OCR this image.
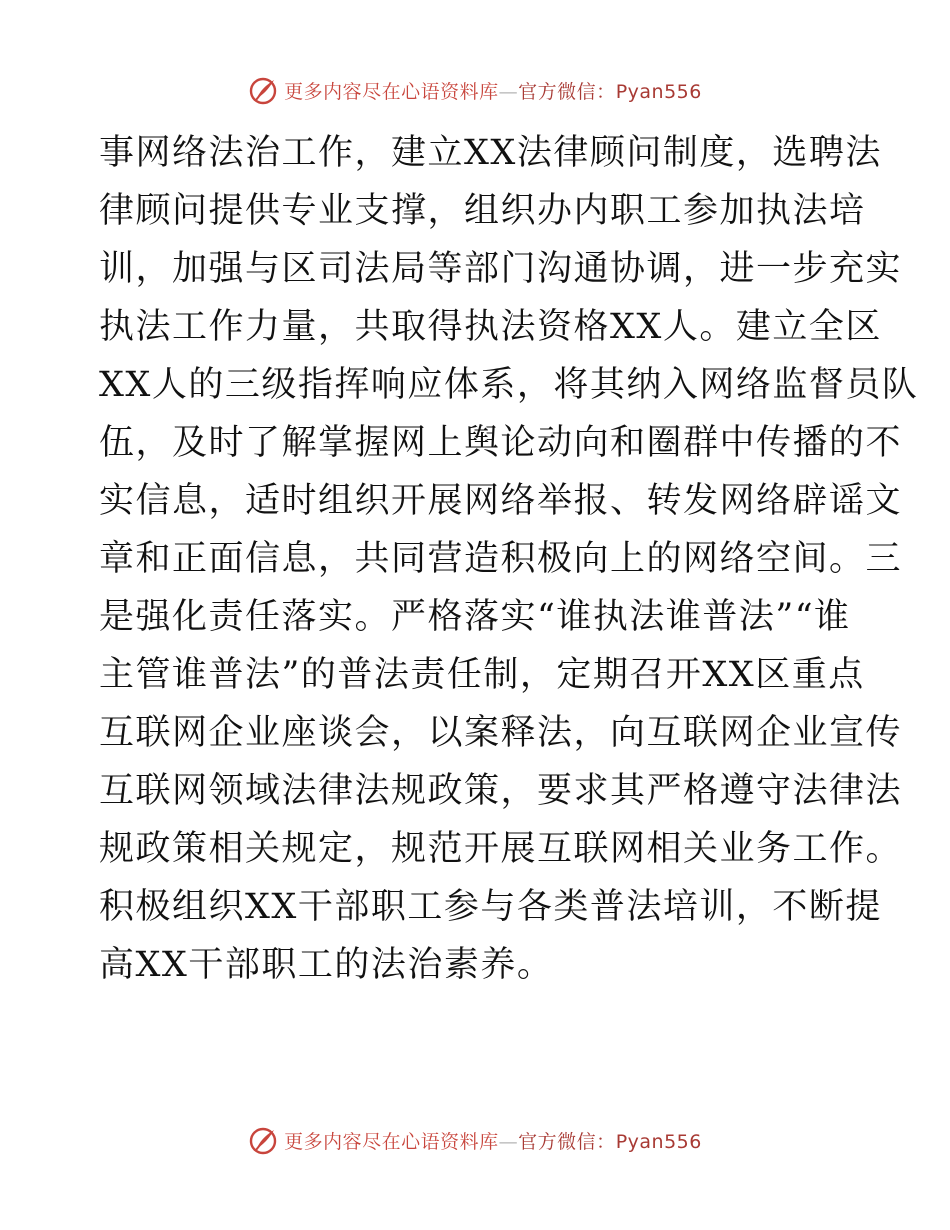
更多内容尽在心语资料库—官方微信：Pyan556
事网络法治工作，建立XX法律顾问制度，选聘法
律顾问提供专业支撑，组织办内职工参加执法培
训，加强与区司法局等部门沟通协调，进一步充实
执法工作力量，共取得执法资格XX人。建立全区
XX人的三级指挥响应体系，将其纳入网络监督员队
伍，及时了解掌握网上舆论动向和圈群中传播的不
实信息，适时组织开展网络举报、转发网络辟谣文
章和正面信息，共同营造积极向上的网络空间。三
是强化责任落实。严格落实“谁执法谁普法”“谁
主管谁普法”的普法责任制，定期召开XX区重点
互联网企业座谈会，以案释法，向互联网企业宣传
互联网领域法律法规政策，要求其严格遵守法律法
规政策相关规定，规范开展互联网相关业务工作。
积极组织XX干部职工参与各类普法培训，不断提
高XX干部职工的法治素养。
更多内容尽在心语资料库—官方微信：Pyan556
